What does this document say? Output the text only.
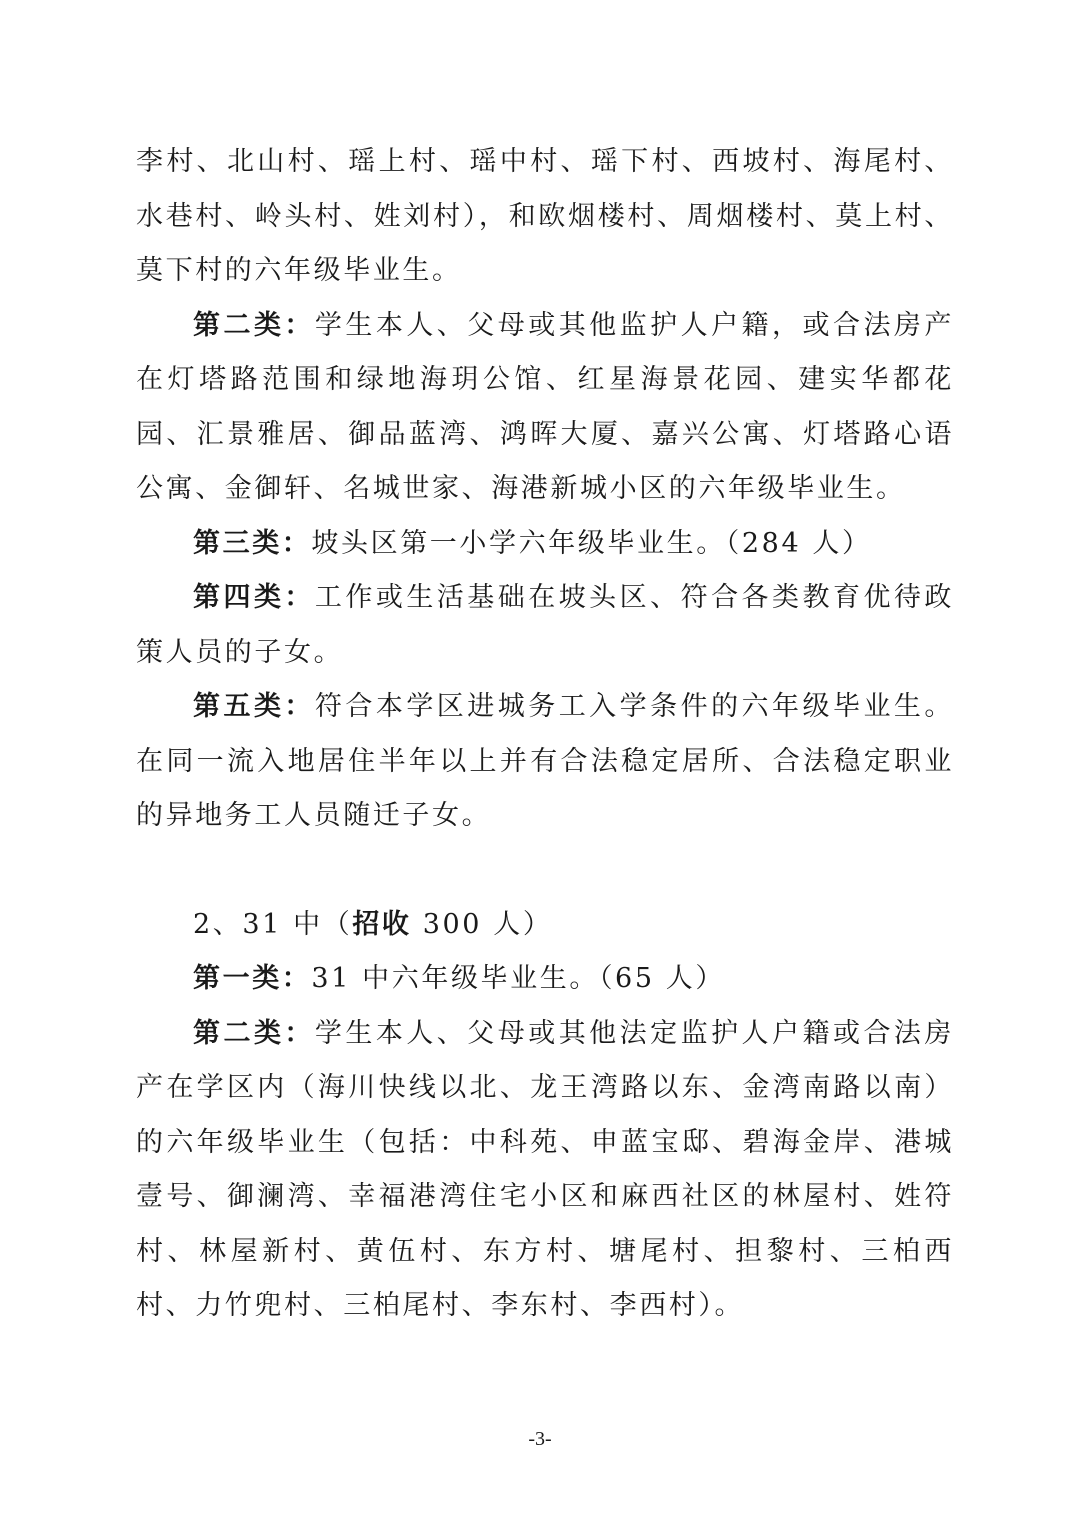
李村、北山村、瑶上村、瑶中村、瑶下村、西坡村、海尾村、水巷村、岭头村、姓刘村），和欧烟楼村、周烟楼村、莫上村、莫下村的六年级毕业生。

第二类：学生本人、父母或其他监护人户籍，或合法房产在灯塔路范围和绿地海玥公馆、红星海景花园、建实华都花园、汇景雅居、御品蓝湾、鸿晖大厦、嘉兴公寓、灯塔路心语公寓、金御轩、名城世家、海港新城小区的六年级毕业生。

第三类：坡头区第一小学六年级毕业生。（284 人）

第四类：工作或生活基础在坡头区、符合各类教育优待政策人员的子女。

第五类：符合本学区进城务工入学条件的六年级毕业生。在同一流入地居住半年以上并有合法稳定居所、合法稳定职业的异地务工人员随迁子女。

2、31 中（招收 300 人）

第一类：31 中六年级毕业生。（65 人）

第二类：学生本人、父母或其他法定监护人户籍或合法房产在学区内（海川快线以北、龙王湾路以东、金湾南路以南）的六年级毕业生（包括：中科苑、申蓝宝邸、碧海金岸、港城壹号、御澜湾、幸福港湾住宅小区和麻西社区的林屋村、姓符村、林屋新村、黄伍村、东方村、塘尾村、担黎村、三柏西村、力竹兜村、三柏尾村、李东村、李西村）。

-3-
